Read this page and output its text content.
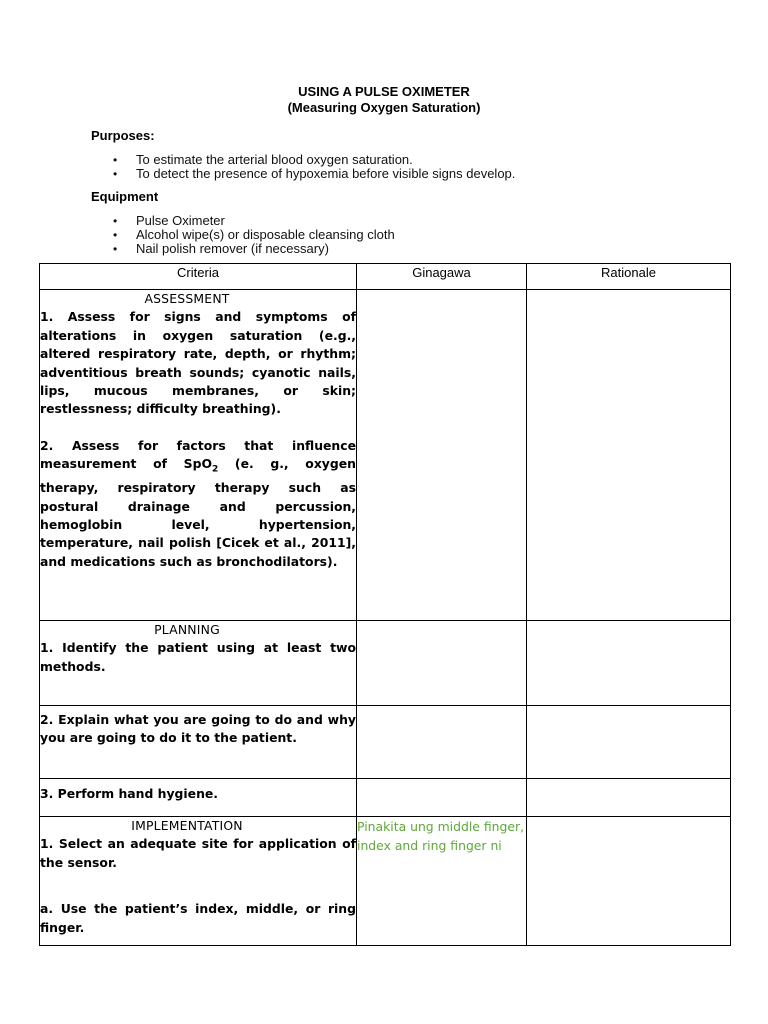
USING A PULSE OXIMETER
(Measuring Oxygen Saturation)
Purposes:
• To estimate the arterial blood oxygen saturation.
• To detect the presence of hypoxemia before visible signs develop.
Equipment
• Pulse Oximeter
• Alcohol wipe(s) or disposable cleansing cloth
• Nail polish remover (if necessary)
Criteria	Ginagawa	Rationale

ASSESSMENT

1. Assess for signs and symptoms of alterations in oxygen saturation (e.g., altered respiratory rate, depth, or rhythm; adventitious breath sounds; cyanotic nails, lips, mucous membranes, or skin; restlessness; difficulty breathing).

2. Assess for factors that influence measurement of SpO$_2$ (e. g., oxygen therapy, respiratory therapy such as postural drainage and percussion, hemoglobin level, hypertension, temperature, nail polish [Cicek et al., 2011], and medications such as bronchodilators).		

PLANNING

1. Identify the patient using at least two methods.		

2. Explain what you are going to do and why you are going to do it to the patient.		

3. Perform hand hygiene.		

IMPLEMENTATION

1. Select an adequate site for application of the sensor.

a. Use the patient’s index, middle, or ring finger.	Pinakita ung middle finger, index and ring finger ni	
